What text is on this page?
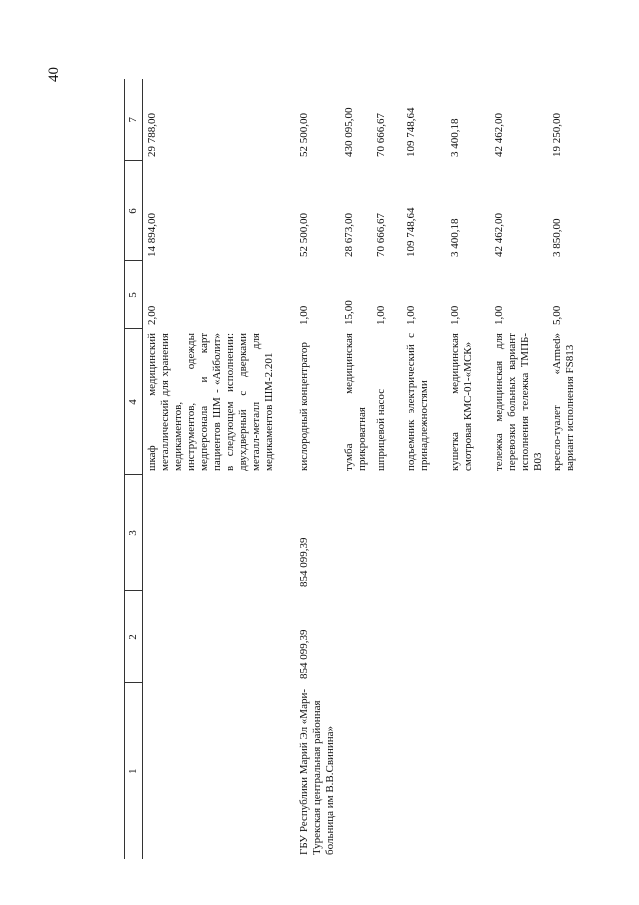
40
1	2	3	4	5	6	7
			шкаф медицинский металлический для хранения медикаментов, инструментов, одежды медперсонала и карт пациентов ШМ - «Айболит» в следующем исполнении: двухдверный с дверками металл-металл для медикаментов ШМ-2.201	2,00	14 894,00	29 788,00
ГБУ Республики Марий Эл «Мари-Турекская центральная районная больница им В.В.Свинина»	854 099,39	854 099,39	кислородный концентратор	1,00	52 500,00	52 500,00
			тумба медицинская прикроватная	15,00	28 673,00	430 095,00
			шприцевой насос	1,00	70 666,67	70 666,67
			подъемник электрический с принадлежностями	1,00	109 748,64	109 748,64
			кушетка медицинская смотровая КМС-01-«МСК»	1,00	3 400,18	3 400,18
			тележка медицинская для перевозки больных вариант исполнения тележка ТМПБ-В03	1,00	42 462,00	42 462,00
			кресло-туалет «Armed» вариант исполнения FS813	5,00	3 850,00	19 250,00
